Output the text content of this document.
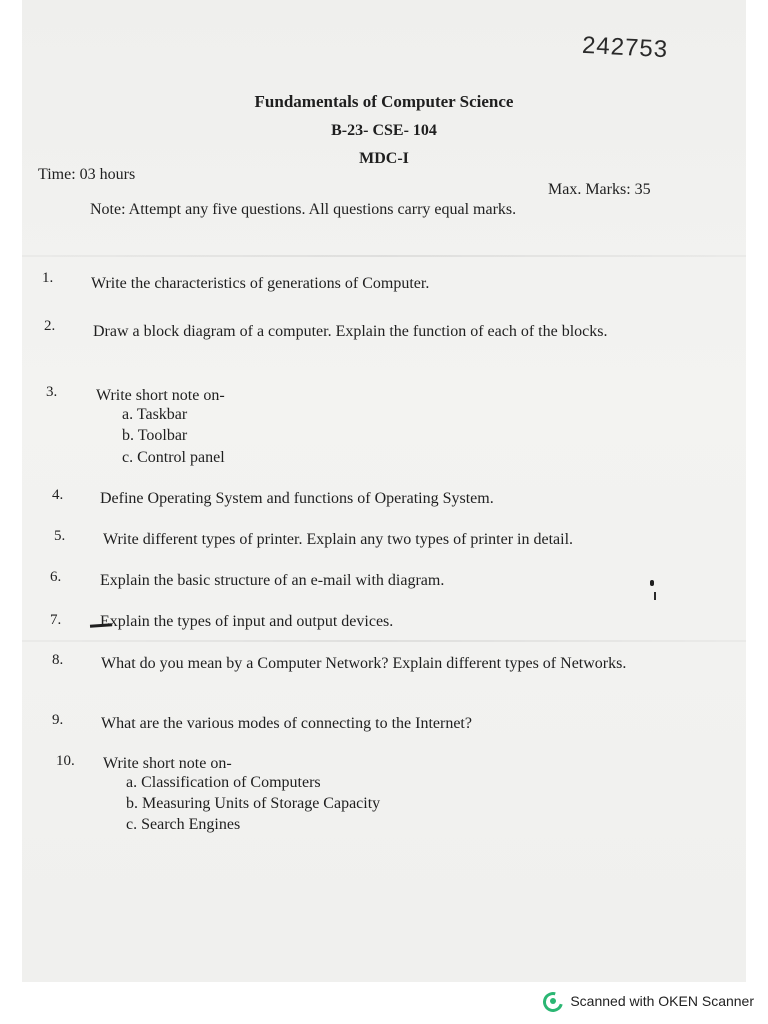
242753
Fundamentals of Computer Science
B-23- CSE- 104
MDC-I
Time: 03 hours
Max. Marks: 35
Note: Attempt any five questions. All questions carry equal marks.
1. Write the characteristics of generations of Computer.
2. Draw a block diagram of a computer. Explain the function of each of the blocks.
3. Write short note on-
a. Taskbar
b. Toolbar
c. Control panel
4. Define Operating System and functions of Operating System.
5. Write different types of printer. Explain any two types of printer in detail.
6. Explain the basic structure of an e-mail with diagram.
7. Explain the types of input and output devices.
8. What do you mean by a Computer Network? Explain different types of Networks.
9. What are the various modes of connecting to the Internet?
10. Write short note on-
a. Classification of Computers
b. Measuring Units of Storage Capacity
c. Search Engines
Scanned with OKEN Scanner
